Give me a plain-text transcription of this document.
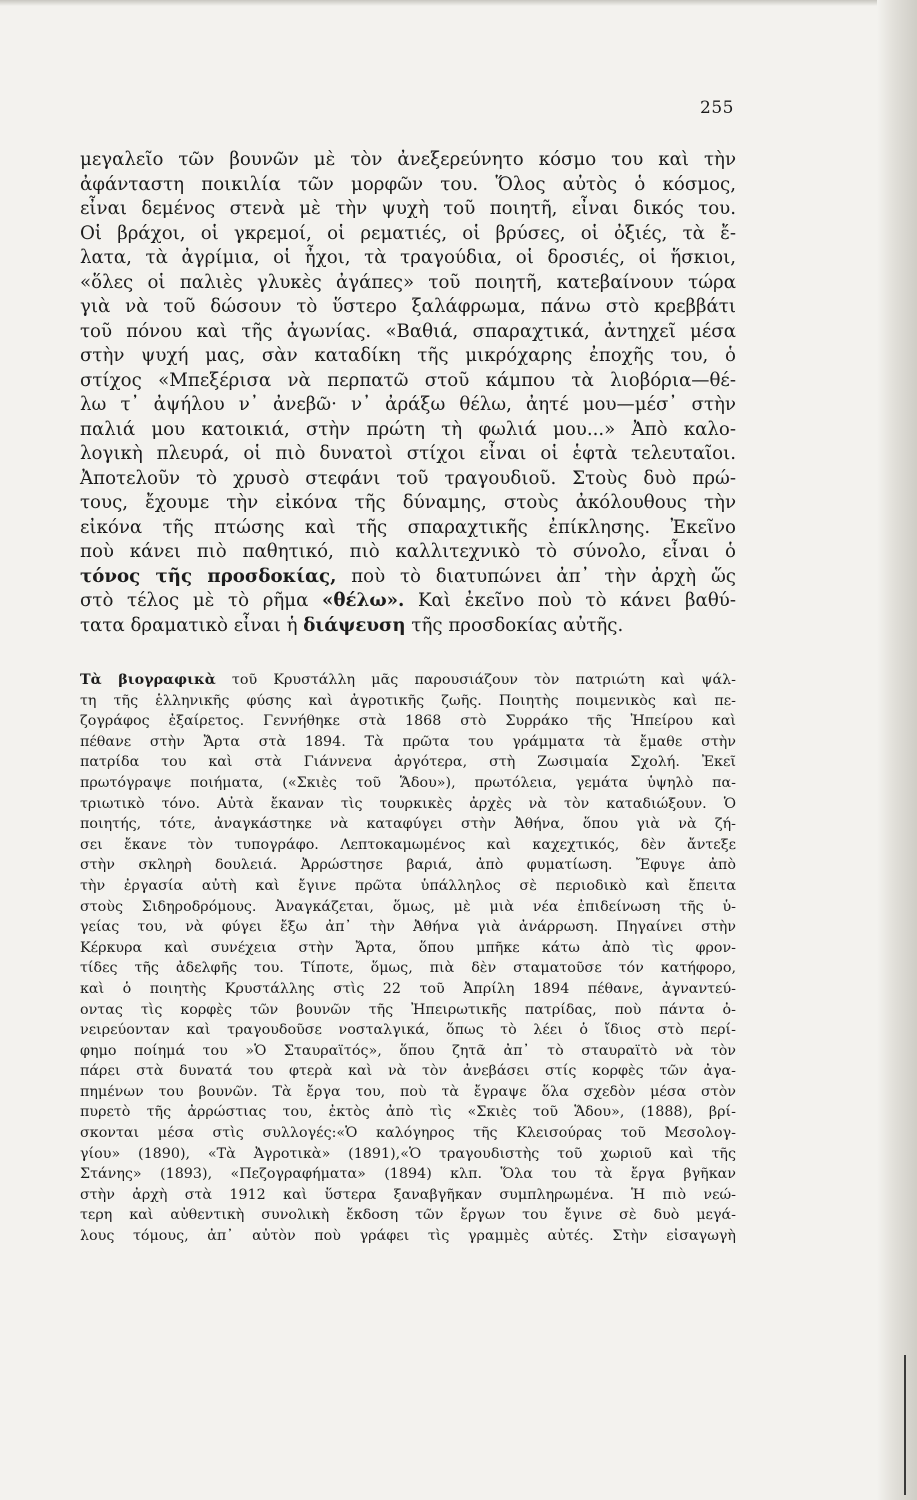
255
μεγαλεῖο τῶν βουνῶν μὲ τὸν ἀνεξερεύνητο κόσμο του καὶ τὴν
ἀφάνταστη ποικιλία τῶν μορφῶν του. Ὅλος αὐτὸς ὁ κόσμος,
εἶναι δεμένος στενὰ μὲ τὴν ψυχὴ τοῦ ποιητῆ, εἶναι δικός του.
Οἱ βράχοι, οἱ γκρεμοί, οἱ ρεματιές, οἱ βρύσες, οἱ ὀξιές, τὰ ἔ-
λατα, τὰ ἀγρίμια, οἱ ἦχοι, τὰ τραγούδια, οἱ δροσιές, οἱ ἥσκιοι,
«ὅλες οἱ παλιὲς γλυκὲς ἀγάπες» τοῦ ποιητῆ, κατεβαίνουν τώρα
γιὰ νὰ τοῦ δώσουν τὸ ὕστερο ξαλάφρωμα, πάνω στὸ κρεββάτι
τοῦ πόνου καὶ τῆς ἀγωνίας. «Βαθιά, σπαραχτικά, ἀντηχεῖ μέσα
στὴν ψυχή μας, σὰν καταδίκη τῆς μικρόχαρης ἐποχῆς του, ὁ
στίχος «Μπεξέρισα νὰ περπατῶ στοῦ κάμπου τὰ λιοβόρια—θέ-
λω τ᾽ ἀψήλου ν᾽ ἀνεβῶ· ν᾽ ἀράξω θέλω, ἀητέ μου—μέσ᾽ στὴν
παλιά μου κατοικιά, στὴν πρώτη τὴ φωλιά μου...» Ἀπὸ καλο-
λογικὴ πλευρά, οἱ πιὸ δυνατοὶ στίχοι εἶναι οἱ ἑφτὰ τελευταῖοι.
Ἀποτελοῦν τὸ χρυσὸ στεφάνι τοῦ τραγουδιοῦ. Στοὺς δυὸ πρώ-
τους, ἔχουμε τὴν εἰκόνα τῆς δύναμης, στοὺς ἀκόλουθους τὴν
εἰκόνα τῆς πτώσης καὶ τῆς σπαραχτικῆς ἐπίκλησης. Ἐκεῖνο
ποὺ κάνει πιὸ παθητικό, πιὸ καλλιτεχνικὸ τὸ σύνολο, εἶναι ὁ
τόνος τῆς προσδοκίας, ποὺ τὸ διατυπώνει ἀπ᾽ τὴν ἀρχὴ ὥς
στὸ τέλος μὲ τὸ ρῆμα «θέλω». Καὶ ἐκεῖνο ποὺ τὸ κάνει βαθύ-
τατα δραματικὸ εἶναι ἡ διάψευση τῆς προσδοκίας αὐτῆς.
Τὰ βιογραφικὰ τοῦ Κρυστάλλη μᾶς παρουσιάζουν τὸν πατριώτη καὶ ψάλ-
τη τῆς ἑλληνικῆς φύσης καὶ ἀγροτικῆς ζωῆς. Ποιητὴς ποιμενικὸς καὶ πε-
ζογράφος ἐξαίρετος. Γεννήθηκε στὰ 1868 στὸ Συρράκο τῆς Ἠπείρου καὶ
πέθανε στὴν Ἄρτα στὰ 1894. Τὰ πρῶτα του γράμματα τὰ ἔμαθε στὴν
πατρίδα του καὶ στὰ Γιάννενα ἀργότερα, στὴ Ζωσιμαία Σχολή. Ἐκεῖ
πρωτόγραψε ποιήματα, («Σκιὲς τοῦ Ἅδου»), πρωτόλεια, γεμάτα ὑψηλὸ πα-
τριωτικὸ τόνο. Αὐτὰ ἔκαναν τὶς τουρκικὲς ἀρχὲς νὰ τὸν καταδιώξουν. Ὁ
ποιητής, τότε, ἀναγκάστηκε νὰ καταφύγει στὴν Ἀθήνα, ὅπου γιὰ νὰ ζή-
σει ἔκανε τὸν τυπογράφο. Λεπτοκαμωμένος καὶ καχεχτικός, δὲν ἄντεξε
στὴν σκληρὴ δουλειά. Ἀρρώστησε βαριά, ἀπὸ φυματίωση. Ἔφυγε ἀπὸ
τὴν ἐργασία αὐτὴ καὶ ἔγινε πρῶτα ὑπάλληλος σὲ περιοδικὸ καὶ ἔπειτα
στοὺς Σιδηροδρόμους. Ἀναγκάζεται, ὅμως, μὲ μιὰ νέα ἐπιδείνωση τῆς ὑ-
γείας του, νὰ φύγει ἔξω ἀπ᾽ τὴν Ἀθήνα γιὰ ἀνάρρωση. Πηγαίνει στὴν
Κέρκυρα καὶ συνέχεια στὴν Ἄρτα, ὅπου μπῆκε κάτω ἀπὸ τὶς φρον-
τίδες τῆς ἀδελφῆς του. Τίποτε, ὅμως, πιὰ δὲν σταματοῦσε τόν κατήφορο,
καὶ ὁ ποιητὴς Κρυστάλλης στὶς 22 τοῦ Ἀπρίλη 1894 πέθανε, ἀγναντεύ-
οντας τὶς κορφὲς τῶν βουνῶν τῆς Ἠπειρωτικῆς πατρίδας, ποὺ πάντα ὀ-
νειρεύονταν καὶ τραγουδοῦσε νοσταλγικά, ὅπως τὸ λέει ὁ ἴδιος στὸ περί-
φημο ποίημά του »Ὁ Σταυραϊτός», ὅπου ζητᾶ ἀπ᾽ τὸ σταυραϊτὸ νὰ τὸν
πάρει στὰ δυνατά του φτερὰ καὶ νὰ τὸν ἀνεβάσει στίς κορφὲς τῶν ἀγα-
πημένων του βουνῶν. Τὰ ἔργα του, ποὺ τὰ ἔγραψε ὅλα σχεδὸν μέσα στὸν
πυρετὸ τῆς ἀρρώστιας του, ἐκτὸς ἀπὸ τὶς «Σκιὲς τοῦ Ἅδου», (1888), βρί-
σκονται μέσα στὶς συλλογές:«Ὁ καλόγηρος τῆς Κλεισούρας τοῦ Μεσολογ-
γίου» (1890), «Τὰ Ἀγροτικὰ» (1891),«Ὁ τραγουδιστὴς τοῦ χωριοῦ καὶ τῆς
Στάνης» (1893), «Πεζογραφήματα» (1894) κλπ. Ὅλα του τὰ ἔργα βγῆκαν
στὴν ἀρχὴ στὰ 1912 καὶ ὕστερα ξαναβγῆκαν συμπληρωμένα. Ἡ πιὸ νεώ-
τερη καὶ αὐθεντικὴ συνολικὴ ἔκδοση τῶν ἔργων του ἔγινε σὲ δυὸ μεγά-
λους τόμους, ἀπ᾽ αὐτὸν ποὺ γράφει τὶς γραμμὲς αὐτές. Στὴν εἰσαγωγὴ
